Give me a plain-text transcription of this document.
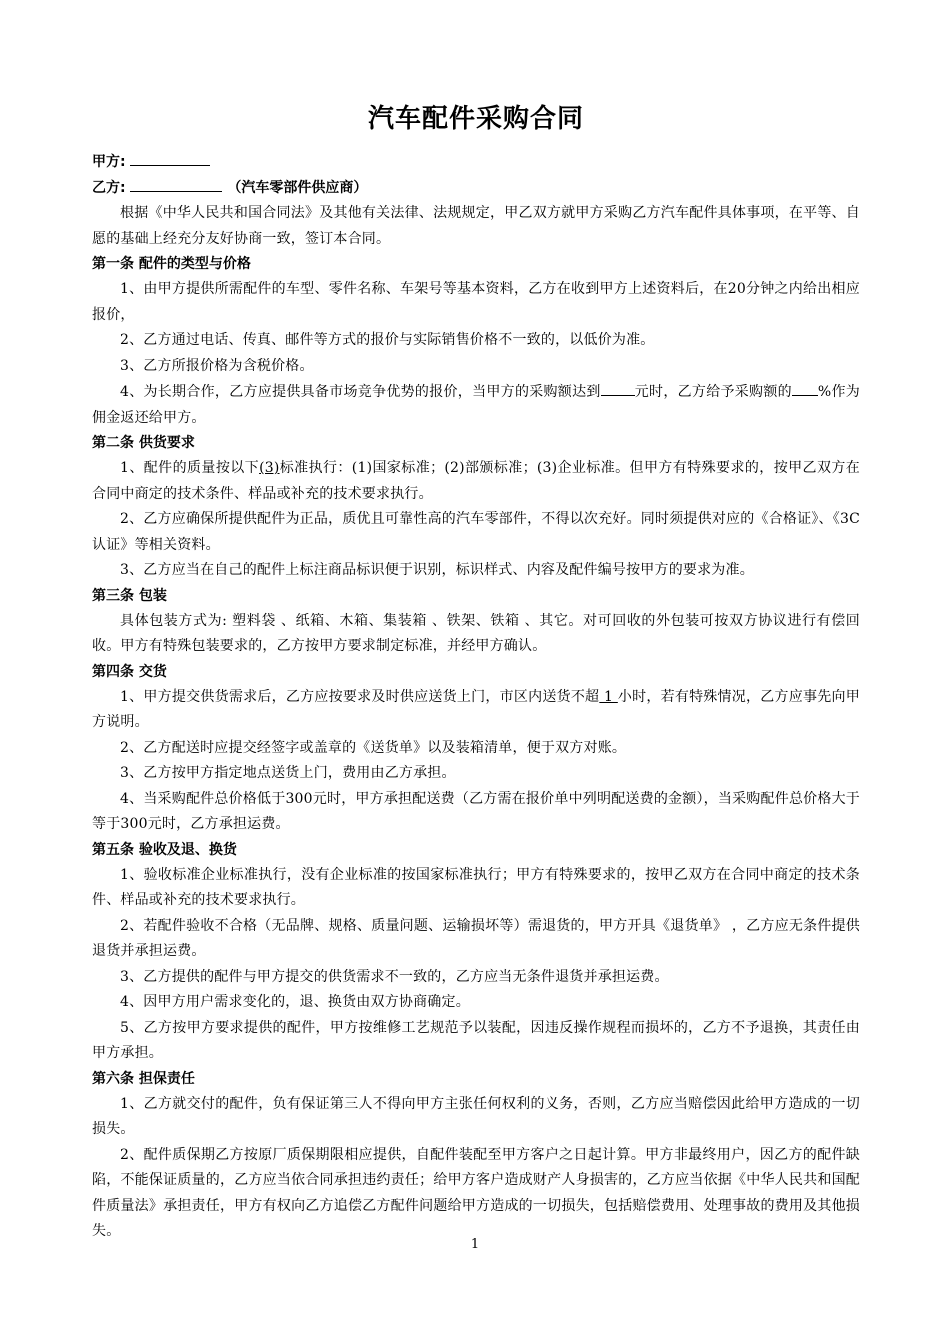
汽车配件采购合同

甲方:

乙方:	（汽车零部件供应商）

根据《中华人民共和国合同法》及其他有关法律、法规规定，甲乙双方就甲方采购乙方汽车配件具体事项，在平等、自愿的基础上经充分友好协商一致，签订本合同。

第一条 配件的类型与价格

1、由甲方提供所需配件的车型、零件名称、车架号等基本资料，乙方在收到甲方上述资料后，在20分钟之内给出相应报价，

2、乙方通过电话、传真、邮件等方式的报价与实际销售价格不一致的，以低价为准。

3、乙方所报价格为含税价格。

4、为长期合作，乙方应提供具备市场竞争优势的报价，当甲方的采购额达到 元时，乙方给予采购额的 %作为佣金返还给甲方。

第二条 供货要求

1、配件的质量按以下(3)标准执行：(1)国家标准；(2)部颁标准；(3)企业标准。但甲方有特殊要求的，按甲乙双方在合同中商定的技术条件、样品或补充的技术要求执行。

2、乙方应确保所提供配件为正品，质优且可靠性高的汽车零部件，不得以次充好。同时须提供对应的《合格证》、《3C认证》等相关资料。

3、乙方应当在自己的配件上标注商品标识便于识别，标识样式、内容及配件编号按甲方的要求为准。

第三条 包装

具体包装方式为: 塑料袋 、纸箱、木箱、集装箱 、铁架、铁箱 、其它。对可回收的外包装可按双方协议进行有偿回收。甲方有特殊包装要求的，乙方按甲方要求制定标准，并经甲方确认。

第四条 交货

1、甲方提交供货需求后，乙方应按要求及时供应送货上门，市区内送货不超 1 小时，若有特殊情况，乙方应事先向甲方说明。

2、乙方配送时应提交经签字或盖章的《送货单》以及装箱清单，便于双方对账。

3、乙方按甲方指定地点送货上门，费用由乙方承担。

4、当采购配件总价格低于300元时，甲方承担配送费（乙方需在报价单中列明配送费的金额），当采购配件总价格大于等于300元时，乙方承担运费。

第五条 验收及退、换货

1、验收标准企业标准执行，没有企业标准的按国家标准执行；甲方有特殊要求的，按甲乙双方在合同中商定的技术条件、样品或补充的技术要求执行。

2、若配件验收不合格（无品牌、规格、质量问题、运输损坏等）需退货的，甲方开具《退货单》 ，乙方应无条件提供退货并承担运费。

3、乙方提供的配件与甲方提交的供货需求不一致的，乙方应当无条件退货并承担运费。

4、因甲方用户需求变化的，退、换货由双方协商确定。

5、乙方按甲方要求提供的配件，甲方按维修工艺规范予以装配，因违反操作规程而损坏的，乙方不予退换，其责任由甲方承担。

第六条 担保责任

1、乙方就交付的配件，负有保证第三人不得向甲方主张任何权利的义务，否则，乙方应当赔偿因此给甲方造成的一切损失。

2、配件质保期乙方按原厂质保期限相应提供，自配件装配至甲方客户之日起计算。甲方非最终用户，因乙方的配件缺陷，不能保证质量的，乙方应当依合同承担违约责任；给甲方客户造成财产人身损害的，乙方应当依据《中华人民共和国配件质量法》承担责任，甲方有权向乙方追偿乙方配件问题给甲方造成的一切损失，包括赔偿费用、处理事故的费用及其他损失。

1
